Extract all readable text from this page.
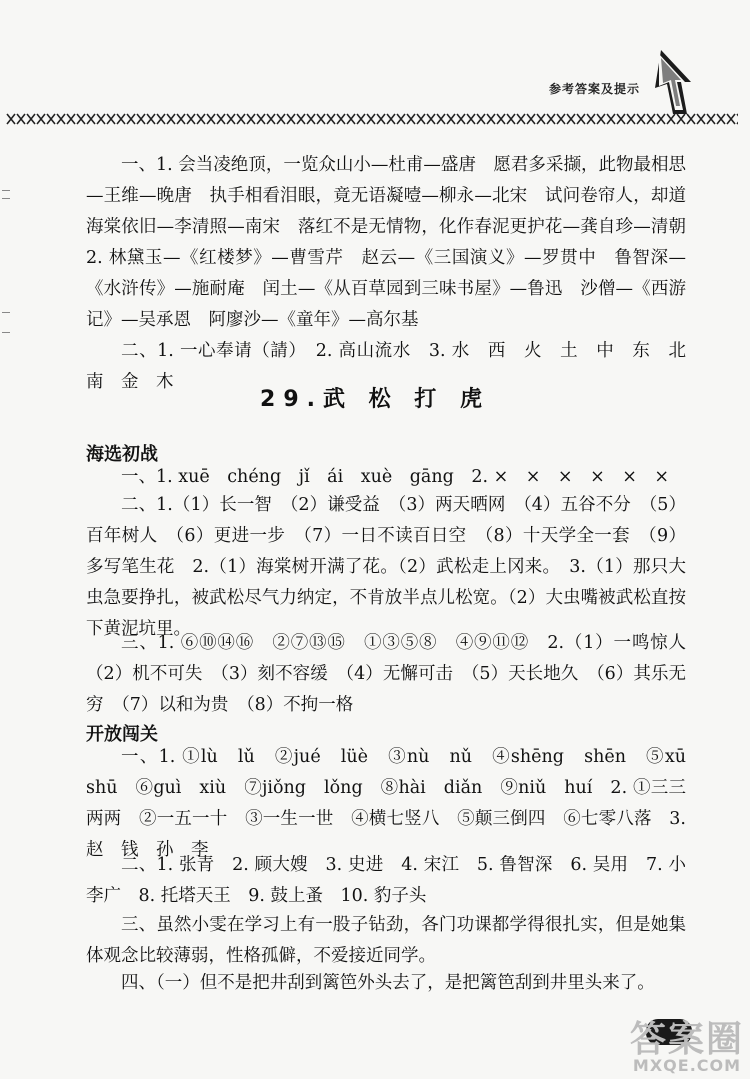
参考答案及提示
一、1. 会当凌绝顶，一览众山小—杜甫—盛唐　愿君多采撷，此物最相思—王维—晚唐　执手相看泪眼，竟无语凝噎—柳永—北宋　试问卷帘人，却道海棠依旧—李清照—南宋　落红不是无情物，化作春泥更护花—龚自珍—清朝　2. 林黛玉—《红楼梦》—曹雪芹　赵云—《三国演义》—罗贯中　鲁智深—《水浒传》—施耐庵　闰土—《从百草园到三味书屋》—鲁迅　沙僧—《西游记》—吴承恩　阿廖沙—《童年》—高尔基
二、1. 一心奉请（請）　2. 高山流水　3. 水　西　火　土　中　东　北　南　金　木
29.武 松 打 虎
海选初战
一、1. xuē　chéng　jǐ　ái　xuè　gāng　2. ×　×　×　×　×　×
二、1.（1）长一智　（2）谦受益　（3）两天晒网　（4）五谷不分　（5）百年树人　（6）更进一步　（7）一日不读百日空　（8）十天学全一套　（9）多写笔生花　2.（1）海棠树开满了花。（2）武松走上冈来。　3.（1）那只大虫急要挣扎，被武松尽气力纳定，不肯放半点儿松宽。（2）大虫嘴被武松直按下黄泥坑里。
三、1. ⑥⑩⑭⑯　②⑦⑬⑮　①③⑤⑧　④⑨⑪⑫　2.（1）一鸣惊人　（2）机不可失　（3）刻不容缓　（4）无懈可击　（5）天长地久　（6）其乐无穷　（7）以和为贵　（8）不拘一格
开放闯关
一、1. ①lù　lǔ　②jué　lüè　③nù　nǔ　④shēng　shēn　⑤xū　shū　⑥guì　xiù　⑦jiǒng　lǒng　⑧hài　diǎn　⑨niǔ　huí　2. ①三三两两　②一五一十　③一生一世　④横七竖八　⑤颠三倒四　⑥七零八落　3. 赵　钱　孙　李
二、1. 张青　2. 顾大嫂　3. 史进　4. 宋江　5. 鲁智深　6. 吴用　7. 小李广　8. 托塔天王　9. 鼓上蚤　10. 豹子头
三、虽然小雯在学习上有一股子钻劲，各门功课都学得很扎实，但是她集体观念比较薄弱，性格孤僻，不爱接近同学。
四、（一）但不是把井刮到篱笆外头去了，是把篱笆刮到井里头来了。
答案圈
MXQE.COM
